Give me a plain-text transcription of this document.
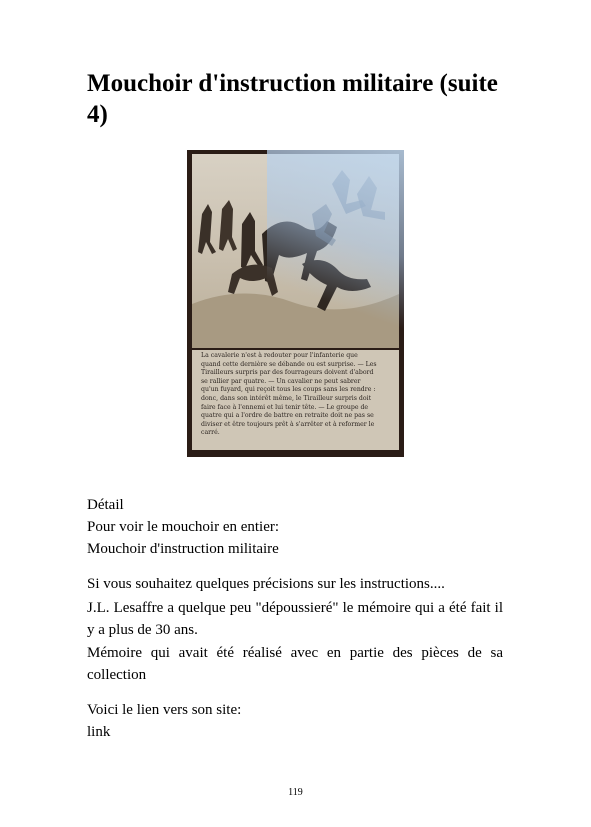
Mouchoir d'instruction militaire (suite 4)
La cavalerie n'est à redouter pour l'infanterie que
quand cette dernière se débande ou est surprise. — Les
Tirailleurs surpris par des fourrageurs doivent d'abord
se rallier par quatre. — Un cavalier ne peut sabrer
qu'un fuyard, qui reçoit tous les coups sans les rendre :
donc, dans son intérêt même, le Tirailleur surpris doit
faire face à l'ennemi et lui tenir tête. — Le groupe de
quatre qui a l'ordre de battre en retraite doit ne pas se
diviser et être toujours prêt à s'arrêter et à reformer le
carré.

Détail

Pour voir le mouchoir en entier:

Mouchoir d'instruction militaire

Si vous souhaitez quelques précisions sur les instructions....

J.L. Lesaffre a quelque peu "dépoussieré" le mémoire qui a été fait il y a plus de 30 ans.

Mémoire qui avait été réalisé avec en partie des pièces de sa collection

Voici le lien vers son site:

link

119
